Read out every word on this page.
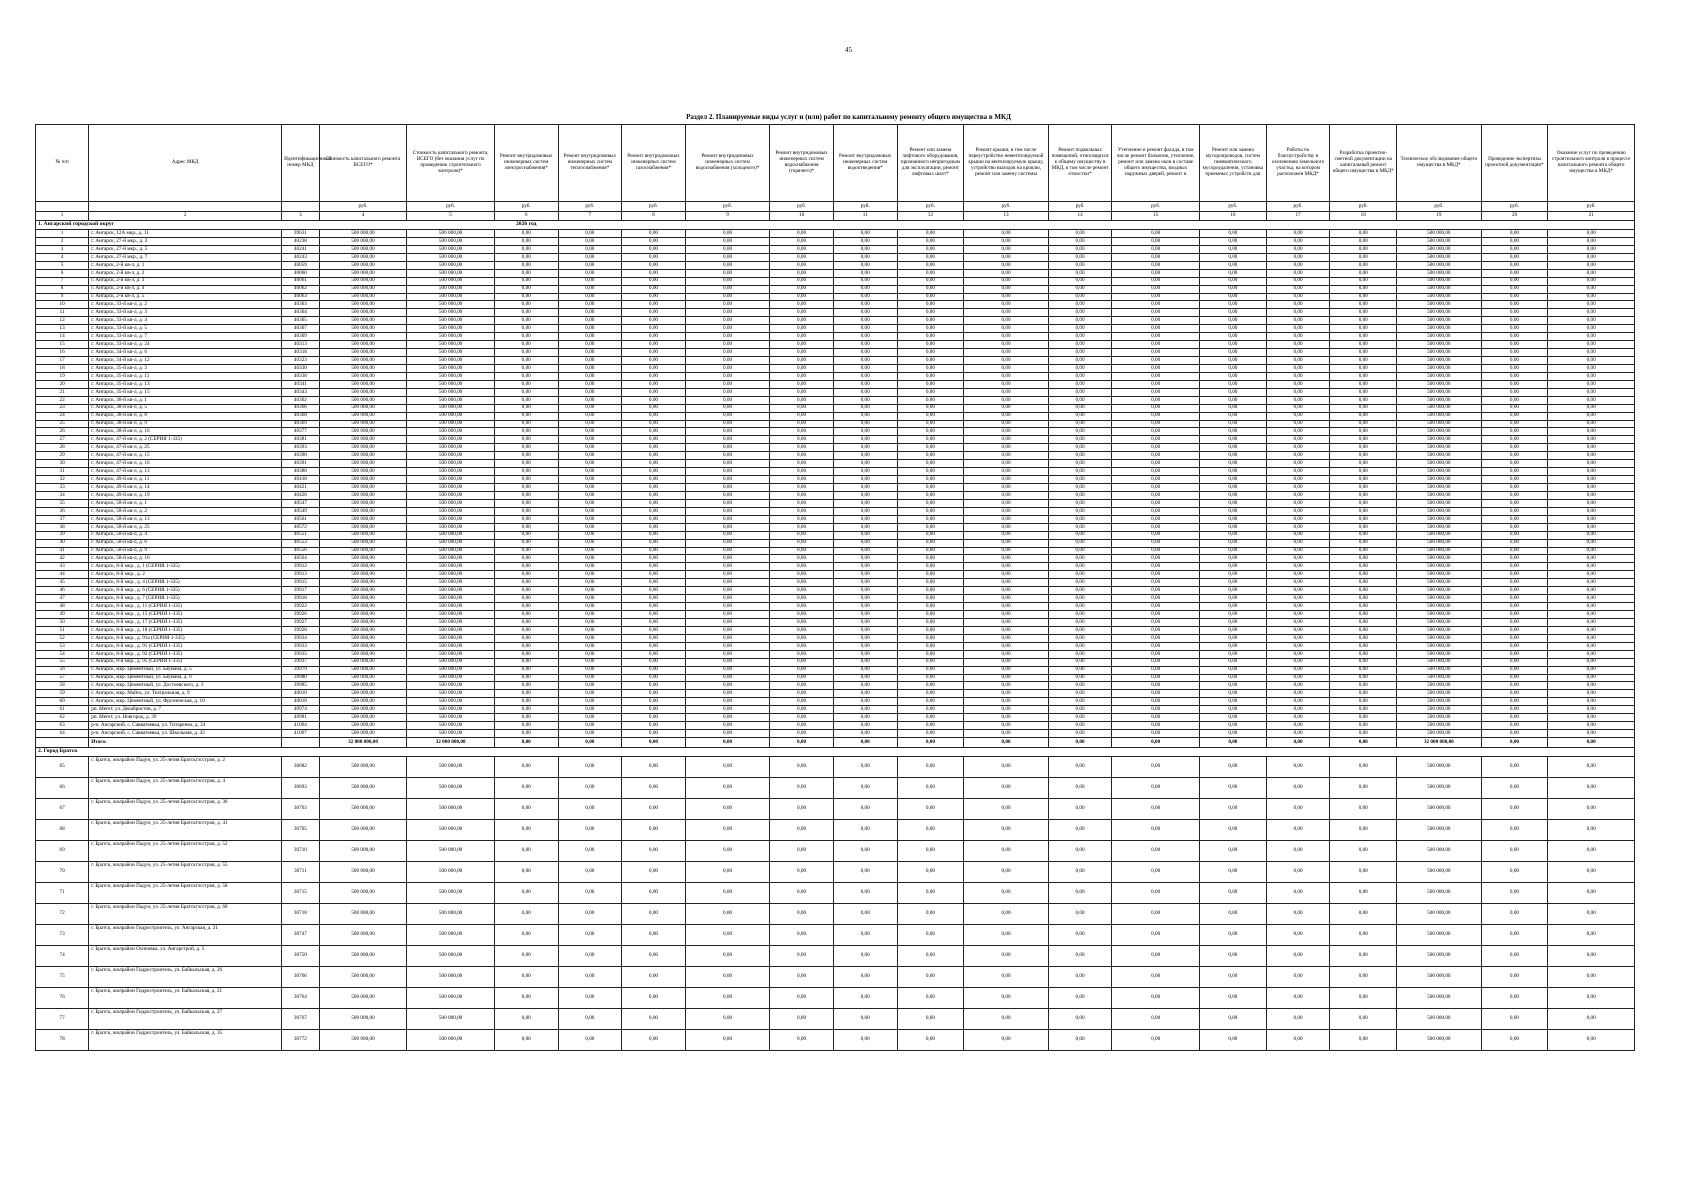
45
Раздел 2. Планируемые виды услуг и (или) работ по капитальному ремонту общего имущества в МКД
№ п/п	Адрес МКД	Идентификационный номер МКД	Стоимость капитального ремонта ВСЕГО*	Стоимость капитального ремонта, ВСЕГО (без оказания услуг по проведению строительного контроля)*	Ремонт внутридомовых инженерных систем электроснабжения*	Ремонт внутридомовых инженерных систем теплоснабжения*	Ремонт внутридомовых инженерных систем газоснабжения*	Ремонт внутридомовых инженерных систем водоснабжения (холодного)*	Ремонт внутридомовых инженерных систем водоснабжения (горячего)*	Ремонт внутридомовых инженерных систем водоотведения*	Ремонт или замена лифтового оборудования, признанного непригодным для эксплуатации, ремонт лифтовых шахт*	Ремонт крыши, в том числе переустройство невентилируемой крыши на вентилируемую крышу, устройство выходов на кровлю, ремонт или замену системы	Ремонт подвальных помещений, относящихся к общему имуществу в МКД, в том числе ремонт отмостки*	Утепление и ремонт фасада, в том числе ремонт балконов, утепление, ремонт или замена окон в составе общего имущества, входных наружных дверей, ремонт и	Ремонт или замена мусоропроводов, систем пневматического мусороудаления, установка приемных устройств для	Работы по благоустройству и озеленению земельного участка, на котором расположен МКД*	Разработка проектно-сметной документации на капитальный ремонт общего имущества в МКД*	Техническое обследование общего имущества в МКД*	Проведение экспертизы проектной документации*	Оказание услуг по проведению строительного контроля в процессе капитального ремонта общего имущества в МКД*
			руб.	руб.	руб.	руб.	руб.	руб.	руб.	руб.	руб.	руб.	руб.	руб.	руб.	руб.	руб.	руб.	руб.	руб.
1	2	3	4	5	6	7	8	9	10	11	12	13	14	15	16	17	18	19	20	21
1. Ангарский городской округ					2026 год															
1	г. Ангарск, 12А мкр., д. 11	39631	500 000,00	500 000,00	0,00	0,00	0,00	0,00	0,00	0,00	0,00	0,00	0,00	0,00	0,00	0,00	0,00	500 000,00	0,00	0,00
2	г. Ангарск, 27-й мкр., д. 3	40238	500 000,00	500 000,00	0,00	0,00	0,00	0,00	0,00	0,00	0,00	0,00	0,00	0,00	0,00	0,00	0,00	500 000,00	0,00	0,00
3	г. Ангарск, 27-й мкр., д. 5	40241	500 000,00	500 000,00	0,00	0,00	0,00	0,00	0,00	0,00	0,00	0,00	0,00	0,00	0,00	0,00	0,00	500 000,00	0,00	0,00
4	г. Ангарск, 27-й мкр., д. 7	40243	500 000,00	500 000,00	0,00	0,00	0,00	0,00	0,00	0,00	0,00	0,00	0,00	0,00	0,00	0,00	0,00	500 000,00	0,00	0,00
5	г. Ангарск, 2-й кв-л, д. 1	40059	500 000,00	500 000,00	0,00	0,00	0,00	0,00	0,00	0,00	0,00	0,00	0,00	0,00	0,00	0,00	0,00	500 000,00	0,00	0,00
6	г. Ангарск, 2-й кв-л, д. 2	40060	500 000,00	500 000,00	0,00	0,00	0,00	0,00	0,00	0,00	0,00	0,00	0,00	0,00	0,00	0,00	0,00	500 000,00	0,00	0,00
7	г. Ангарск, 2-й кв-л, д. 3	40061	500 000,00	500 000,00	0,00	0,00	0,00	0,00	0,00	0,00	0,00	0,00	0,00	0,00	0,00	0,00	0,00	500 000,00	0,00	0,00
8	г. Ангарск, 2-й кв-л, д. 4	40062	500 000,00	500 000,00	0,00	0,00	0,00	0,00	0,00	0,00	0,00	0,00	0,00	0,00	0,00	0,00	0,00	500 000,00	0,00	0,00
9	г. Ангарск, 2-й кв-л, д. 5	40063	500 000,00	500 000,00	0,00	0,00	0,00	0,00	0,00	0,00	0,00	0,00	0,00	0,00	0,00	0,00	0,00	500 000,00	0,00	0,00
10	г. Ангарск, 33-й кв-л, д. 2	40303	500 000,00	500 000,00	0,00	0,00	0,00	0,00	0,00	0,00	0,00	0,00	0,00	0,00	0,00	0,00	0,00	500 000,00	0,00	0,00
11	г. Ангарск, 33-й кв-л, д. 3	40304	500 000,00	500 000,00	0,00	0,00	0,00	0,00	0,00	0,00	0,00	0,00	0,00	0,00	0,00	0,00	0,00	500 000,00	0,00	0,00
12	г. Ангарск, 33-й кв-л, д. 4	40305	500 000,00	500 000,00	0,00	0,00	0,00	0,00	0,00	0,00	0,00	0,00	0,00	0,00	0,00	0,00	0,00	500 000,00	0,00	0,00
13	г. Ангарск, 33-й кв-л, д. 5	40307	500 000,00	500 000,00	0,00	0,00	0,00	0,00	0,00	0,00	0,00	0,00	0,00	0,00	0,00	0,00	0,00	500 000,00	0,00	0,00
14	г. Ангарск, 33-й кв-л, д. 7	40309	500 000,00	500 000,00	0,00	0,00	0,00	0,00	0,00	0,00	0,00	0,00	0,00	0,00	0,00	0,00	0,00	500 000,00	0,00	0,00
15	г. Ангарск, 33-й кв-л, д. 24	40313	500 000,00	500 000,00	0,00	0,00	0,00	0,00	0,00	0,00	0,00	0,00	0,00	0,00	0,00	0,00	0,00	500 000,00	0,00	0,00
16	г. Ангарск, 34-й кв-л, д. 6	40318	500 000,00	500 000,00	0,00	0,00	0,00	0,00	0,00	0,00	0,00	0,00	0,00	0,00	0,00	0,00	0,00	500 000,00	0,00	0,00
17	г. Ангарск, 34-й кв-л, д. 12	40323	500 000,00	500 000,00	0,00	0,00	0,00	0,00	0,00	0,00	0,00	0,00	0,00	0,00	0,00	0,00	0,00	500 000,00	0,00	0,00
18	г. Ангарск, 35-й кв-л, д. 3	40330	500 000,00	500 000,00	0,00	0,00	0,00	0,00	0,00	0,00	0,00	0,00	0,00	0,00	0,00	0,00	0,00	500 000,00	0,00	0,00
19	г. Ангарск, 35-й кв-л, д. 11	40338	500 000,00	500 000,00	0,00	0,00	0,00	0,00	0,00	0,00	0,00	0,00	0,00	0,00	0,00	0,00	0,00	500 000,00	0,00	0,00
20	г. Ангарск, 35-й кв-л, д. 13	40341	500 000,00	500 000,00	0,00	0,00	0,00	0,00	0,00	0,00	0,00	0,00	0,00	0,00	0,00	0,00	0,00	500 000,00	0,00	0,00
21	г. Ангарск, 35-й кв-л, д. 15	40343	500 000,00	500 000,00	0,00	0,00	0,00	0,00	0,00	0,00	0,00	0,00	0,00	0,00	0,00	0,00	0,00	500 000,00	0,00	0,00
22	г. Ангарск, 38-й кв-л, д. 1	40362	500 000,00	500 000,00	0,00	0,00	0,00	0,00	0,00	0,00	0,00	0,00	0,00	0,00	0,00	0,00	0,00	500 000,00	0,00	0,00
23	г. Ангарск, 38-й кв-л, д. 5	40366	500 000,00	500 000,00	0,00	0,00	0,00	0,00	0,00	0,00	0,00	0,00	0,00	0,00	0,00	0,00	0,00	500 000,00	0,00	0,00
24	г. Ангарск, 38-й кв-л, д. 8	40368	500 000,00	500 000,00	0,00	0,00	0,00	0,00	0,00	0,00	0,00	0,00	0,00	0,00	0,00	0,00	0,00	500 000,00	0,00	0,00
25	г. Ангарск, 38-й кв-л, д. 9	40369	500 000,00	500 000,00	0,00	0,00	0,00	0,00	0,00	0,00	0,00	0,00	0,00	0,00	0,00	0,00	0,00	500 000,00	0,00	0,00
26	г. Ангарск, 38-й кв-л, д. 16	40377	500 000,00	500 000,00	0,00	0,00	0,00	0,00	0,00	0,00	0,00	0,00	0,00	0,00	0,00	0,00	0,00	500 000,00	0,00	0,00
27	г. Ангарск, 47-й кв-л, д. 2 (СЕРИЯ 1-335)	40381	500 000,00	500 000,00	0,00	0,00	0,00	0,00	0,00	0,00	0,00	0,00	0,00	0,00	0,00	0,00	0,00	500 000,00	0,00	0,00
28	г. Ангарск, 47-й кв-л, д. 25	40393	500 000,00	500 000,00	0,00	0,00	0,00	0,00	0,00	0,00	0,00	0,00	0,00	0,00	0,00	0,00	0,00	500 000,00	0,00	0,00
29	г. Ангарск, 47-й кв-л, д. 15	40390	500 000,00	500 000,00	0,00	0,00	0,00	0,00	0,00	0,00	0,00	0,00	0,00	0,00	0,00	0,00	0,00	500 000,00	0,00	0,00
30	г. Ангарск, 47-й кв-л, д. 16	40391	500 000,00	500 000,00	0,00	0,00	0,00	0,00	0,00	0,00	0,00	0,00	0,00	0,00	0,00	0,00	0,00	500 000,00	0,00	0,00
31	г. Ангарск, 47-й кв-л, д. 13	40388	500 000,00	500 000,00	0,00	0,00	0,00	0,00	0,00	0,00	0,00	0,00	0,00	0,00	0,00	0,00	0,00	500 000,00	0,00	0,00
32	г. Ангарск, 49-й кв-л, д. 11	40418	500 000,00	500 000,00	0,00	0,00	0,00	0,00	0,00	0,00	0,00	0,00	0,00	0,00	0,00	0,00	0,00	500 000,00	0,00	0,00
33	г. Ангарск, 49-й кв-л, д. 14	40421	500 000,00	500 000,00	0,00	0,00	0,00	0,00	0,00	0,00	0,00	0,00	0,00	0,00	0,00	0,00	0,00	500 000,00	0,00	0,00
34	г. Ангарск, 49-й кв-л, д. 19	40426	500 000,00	500 000,00	0,00	0,00	0,00	0,00	0,00	0,00	0,00	0,00	0,00	0,00	0,00	0,00	0,00	500 000,00	0,00	0,00
35	г. Ангарск, 58-й кв-л, д. 1	40547	500 000,00	500 000,00	0,00	0,00	0,00	0,00	0,00	0,00	0,00	0,00	0,00	0,00	0,00	0,00	0,00	500 000,00	0,00	0,00
36	г. Ангарск, 58-й кв-л, д. 2	40549	500 000,00	500 000,00	0,00	0,00	0,00	0,00	0,00	0,00	0,00	0,00	0,00	0,00	0,00	0,00	0,00	500 000,00	0,00	0,00
37	г. Ангарск, 58-й кв-л, д. 13	40561	500 000,00	500 000,00	0,00	0,00	0,00	0,00	0,00	0,00	0,00	0,00	0,00	0,00	0,00	0,00	0,00	500 000,00	0,00	0,00
38	г. Ангарск, 58-й кв-л, д. 25	40572	500 000,00	500 000,00	0,00	0,00	0,00	0,00	0,00	0,00	0,00	0,00	0,00	0,00	0,00	0,00	0,00	500 000,00	0,00	0,00
39	г. Ангарск, 58-й кв-л, д. 4	40551	500 000,00	500 000,00	0,00	0,00	0,00	0,00	0,00	0,00	0,00	0,00	0,00	0,00	0,00	0,00	0,00	500 000,00	0,00	0,00
40	г. Ангарск, 58-й кв-л, д. 6	40553	500 000,00	500 000,00	0,00	0,00	0,00	0,00	0,00	0,00	0,00	0,00	0,00	0,00	0,00	0,00	0,00	500 000,00	0,00	0,00
41	г. Ангарск, 58-й кв-л, д. 9	40556	500 000,00	500 000,00	0,00	0,00	0,00	0,00	0,00	0,00	0,00	0,00	0,00	0,00	0,00	0,00	0,00	500 000,00	0,00	0,00
42	г. Ангарск, 58-й кв-л, д. 16	40564	500 000,00	500 000,00	0,00	0,00	0,00	0,00	0,00	0,00	0,00	0,00	0,00	0,00	0,00	0,00	0,00	500 000,00	0,00	0,00
43	г. Ангарск, 8-й мкр., д. 1 (СЕРИЯ 1-335)	39912	500 000,00	500 000,00	0,00	0,00	0,00	0,00	0,00	0,00	0,00	0,00	0,00	0,00	0,00	0,00	0,00	500 000,00	0,00	0,00
44	г. Ангарск, 8-й мкр., д. 2	39913	500 000,00	500 000,00	0,00	0,00	0,00	0,00	0,00	0,00	0,00	0,00	0,00	0,00	0,00	0,00	0,00	500 000,00	0,00	0,00
45	г. Ангарск, 8-й мкр., д. 4 (СЕРИЯ 1-335)	39915	500 000,00	500 000,00	0,00	0,00	0,00	0,00	0,00	0,00	0,00	0,00	0,00	0,00	0,00	0,00	0,00	500 000,00	0,00	0,00
46	г. Ангарск, 8-й мкр., д. 6 (СЕРИЯ 1-335)	39917	500 000,00	500 000,00	0,00	0,00	0,00	0,00	0,00	0,00	0,00	0,00	0,00	0,00	0,00	0,00	0,00	500 000,00	0,00	0,00
47	г. Ангарск, 8-й мкр., д. 7 (СЕРИЯ 1-335)	39918	500 000,00	500 000,00	0,00	0,00	0,00	0,00	0,00	0,00	0,00	0,00	0,00	0,00	0,00	0,00	0,00	500 000,00	0,00	0,00
48	г. Ангарск, 8-й мкр., д. 11 (СЕРИЯ 1-335)	39922	500 000,00	500 000,00	0,00	0,00	0,00	0,00	0,00	0,00	0,00	0,00	0,00	0,00	0,00	0,00	0,00	500 000,00	0,00	0,00
49	г. Ангарск, 8-й мкр., д. 15 (СЕРИЯ 1-335)	39926	500 000,00	500 000,00	0,00	0,00	0,00	0,00	0,00	0,00	0,00	0,00	0,00	0,00	0,00	0,00	0,00	500 000,00	0,00	0,00
50	г. Ангарск, 8-й мкр., д. 17 (СЕРИЯ 1-335)	39927	500 000,00	500 000,00	0,00	0,00	0,00	0,00	0,00	0,00	0,00	0,00	0,00	0,00	0,00	0,00	0,00	500 000,00	0,00	0,00
51	г. Ангарск, 8-й мкр., д. 18 (СЕРИЯ 1-335)	39928	500 000,00	500 000,00	0,00	0,00	0,00	0,00	0,00	0,00	0,00	0,00	0,00	0,00	0,00	0,00	0,00	500 000,00	0,00	0,00
52	г. Ангарск, 8-й мкр., д. 91а (СЕРИЯ 1-335)	39934	500 000,00	500 000,00	0,00	0,00	0,00	0,00	0,00	0,00	0,00	0,00	0,00	0,00	0,00	0,00	0,00	500 000,00	0,00	0,00
53	г. Ангарск, 8-й мкр., д. 91 (СЕРИЯ 1-335)	39933	500 000,00	500 000,00	0,00	0,00	0,00	0,00	0,00	0,00	0,00	0,00	0,00	0,00	0,00	0,00	0,00	500 000,00	0,00	0,00
54	г. Ангарск, 8-й мкр., д. 92 (СЕРИЯ 1-335)	39935	500 000,00	500 000,00	0,00	0,00	0,00	0,00	0,00	0,00	0,00	0,00	0,00	0,00	0,00	0,00	0,00	500 000,00	0,00	0,00
55	г. Ангарск, 8-й мкр., д. 95 (СЕРИЯ 1-335)	39937	500 000,00	500 000,00	0,00	0,00	0,00	0,00	0,00	0,00	0,00	0,00	0,00	0,00	0,00	0,00	0,00	500 000,00	0,00	0,00
56	г. Ангарск, мкр. Цементный, ул. Баумана, д. 5	39979	500 000,00	500 000,00	0,00	0,00	0,00	0,00	0,00	0,00	0,00	0,00	0,00	0,00	0,00	0,00	0,00	500 000,00	0,00	0,00
57	г. Ангарск, мкр. Цементный, ул. Баумана, д. 6	39980	500 000,00	500 000,00	0,00	0,00	0,00	0,00	0,00	0,00	0,00	0,00	0,00	0,00	0,00	0,00	0,00	500 000,00	0,00	0,00
58	г. Ангарск, мкр. Цементный, ул. Достоевского, д. 3	39985	500 000,00	500 000,00	0,00	0,00	0,00	0,00	0,00	0,00	0,00	0,00	0,00	0,00	0,00	0,00	0,00	500 000,00	0,00	0,00
59	г. Ангарск, мкр. Майск, ул. Театральная, д. 9	40010	500 000,00	500 000,00	0,00	0,00	0,00	0,00	0,00	0,00	0,00	0,00	0,00	0,00	0,00	0,00	0,00	500 000,00	0,00	0,00
60	г. Ангарск, мкр. Цементный, ул. Фрунзенская, д. 10	40018	500 000,00	500 000,00	0,00	0,00	0,00	0,00	0,00	0,00	0,00	0,00	0,00	0,00	0,00	0,00	0,00	500 000,00	0,00	0,00
61	рп. Мегет, ул. Декабристов, д. 7	40974	500 000,00	500 000,00	0,00	0,00	0,00	0,00	0,00	0,00	0,00	0,00	0,00	0,00	0,00	0,00	0,00	500 000,00	0,00	0,00
62	рп. Мегет, ул. Новгород, д. 39	40981	500 000,00	500 000,00	0,00	0,00	0,00	0,00	0,00	0,00	0,00	0,00	0,00	0,00	0,00	0,00	0,00	500 000,00	0,00	0,00
63	р-н. Ангарский, с. Савватеевка, ул. Титаренко, д. 34	41004	500 000,00	500 000,00	0,00	0,00	0,00	0,00	0,00	0,00	0,00	0,00	0,00	0,00	0,00	0,00	0,00	500 000,00	0,00	0,00
64	р-н. Ангарский, с. Савватеевка, ул. Школьная, д. 43	41007	500 000,00	500 000,00	0,00	0,00	0,00	0,00	0,00	0,00	0,00	0,00	0,00	0,00	0,00	0,00	0,00	500 000,00	0,00	0,00
	Итого:		32 000 000,00	32 000 000,00	0,00	0,00	0,00	0,00	0,00	0,00	0,00	0,00	0,00	0,00	0,00	0,00	0,00	32 000 000,00	0,00	0,00
2. Город Братск																				
65	г. Братск, жилрайон Падун, ул. 25-летия Братскгэсстроя, д. 2	30682	500 000,00	500 000,00	0,00	0,00	0,00	0,00	0,00	0,00	0,00	0,00	0,00	0,00	0,00	0,00	0,00	500 000,00	0,00	0,00
66	г. Братск, жилрайон Падун, ул. 25-летия Братскгэсстроя, д. 4	30693	500 000,00	500 000,00	0,00	0,00	0,00	0,00	0,00	0,00	0,00	0,00	0,00	0,00	0,00	0,00	0,00	500 000,00	0,00	0,00
67	г. Братск, жилрайон Падун, ул. 25-летия Братскгэсстроя, д. 36	30703	500 000,00	500 000,00	0,00	0,00	0,00	0,00	0,00	0,00	0,00	0,00	0,00	0,00	0,00	0,00	0,00	500 000,00	0,00	0,00
68	г. Братск, жилрайон Падун, ул. 25-летия Братскгэсстроя, д. 41	30705	500 000,00	500 000,00	0,00	0,00	0,00	0,00	0,00	0,00	0,00	0,00	0,00	0,00	0,00	0,00	0,00	500 000,00	0,00	0,00
69	г. Братск, жилрайон Падун, ул. 25-летия Братскгэсстроя, д. 52	30710	500 000,00	500 000,00	0,00	0,00	0,00	0,00	0,00	0,00	0,00	0,00	0,00	0,00	0,00	0,00	0,00	500 000,00	0,00	0,00
70	г. Братск, жилрайон Падун, ул. 25-летия Братскгэсстроя, д. 55	30711	500 000,00	500 000,00	0,00	0,00	0,00	0,00	0,00	0,00	0,00	0,00	0,00	0,00	0,00	0,00	0,00	500 000,00	0,00	0,00
71	г. Братск, жилрайон Падун, ул. 25-летия Братскгэсстроя, д. 58	30715	500 000,00	500 000,00	0,00	0,00	0,00	0,00	0,00	0,00	0,00	0,00	0,00	0,00	0,00	0,00	0,00	500 000,00	0,00	0,00
72	г. Братск, жилрайон Падун, ул. 25-летия Братскгэсстроя, д. 60	30718	500 000,00	500 000,00	0,00	0,00	0,00	0,00	0,00	0,00	0,00	0,00	0,00	0,00	0,00	0,00	0,00	500 000,00	0,00	0,00
73	г. Братск, жилрайон Гидростроитель, ул. Ангарская, д. 21	30747	500 000,00	500 000,00	0,00	0,00	0,00	0,00	0,00	0,00	0,00	0,00	0,00	0,00	0,00	0,00	0,00	500 000,00	0,00	0,00
74	г. Братск, жилрайон Осиновка, ул. Ангарстрой, д. 5	30750	500 000,00	500 000,00	0,00	0,00	0,00	0,00	0,00	0,00	0,00	0,00	0,00	0,00	0,00	0,00	0,00	500 000,00	0,00	0,00
75	г. Братск, жилрайон Гидростроитель, ул. Байкальская, д. 26	30766	500 000,00	500 000,00	0,00	0,00	0,00	0,00	0,00	0,00	0,00	0,00	0,00	0,00	0,00	0,00	0,00	500 000,00	0,00	0,00
76	г. Братск, жилрайон Гидростроитель, ул. Байкальская, д. 21	30764	500 000,00	500 000,00	0,00	0,00	0,00	0,00	0,00	0,00	0,00	0,00	0,00	0,00	0,00	0,00	0,00	500 000,00	0,00	0,00
77	г. Братск, жилрайон Гидростроитель, ул. Байкальская, д. 27	30767	500 000,00	500 000,00	0,00	0,00	0,00	0,00	0,00	0,00	0,00	0,00	0,00	0,00	0,00	0,00	0,00	500 000,00	0,00	0,00
78	г. Братск, жилрайон Гидростроитель, ул. Байкальская, д. 35	30772	500 000,00	500 000,00	0,00	0,00	0,00	0,00	0,00	0,00	0,00	0,00	0,00	0,00	0,00	0,00	0,00	500 000,00	0,00	0,00
